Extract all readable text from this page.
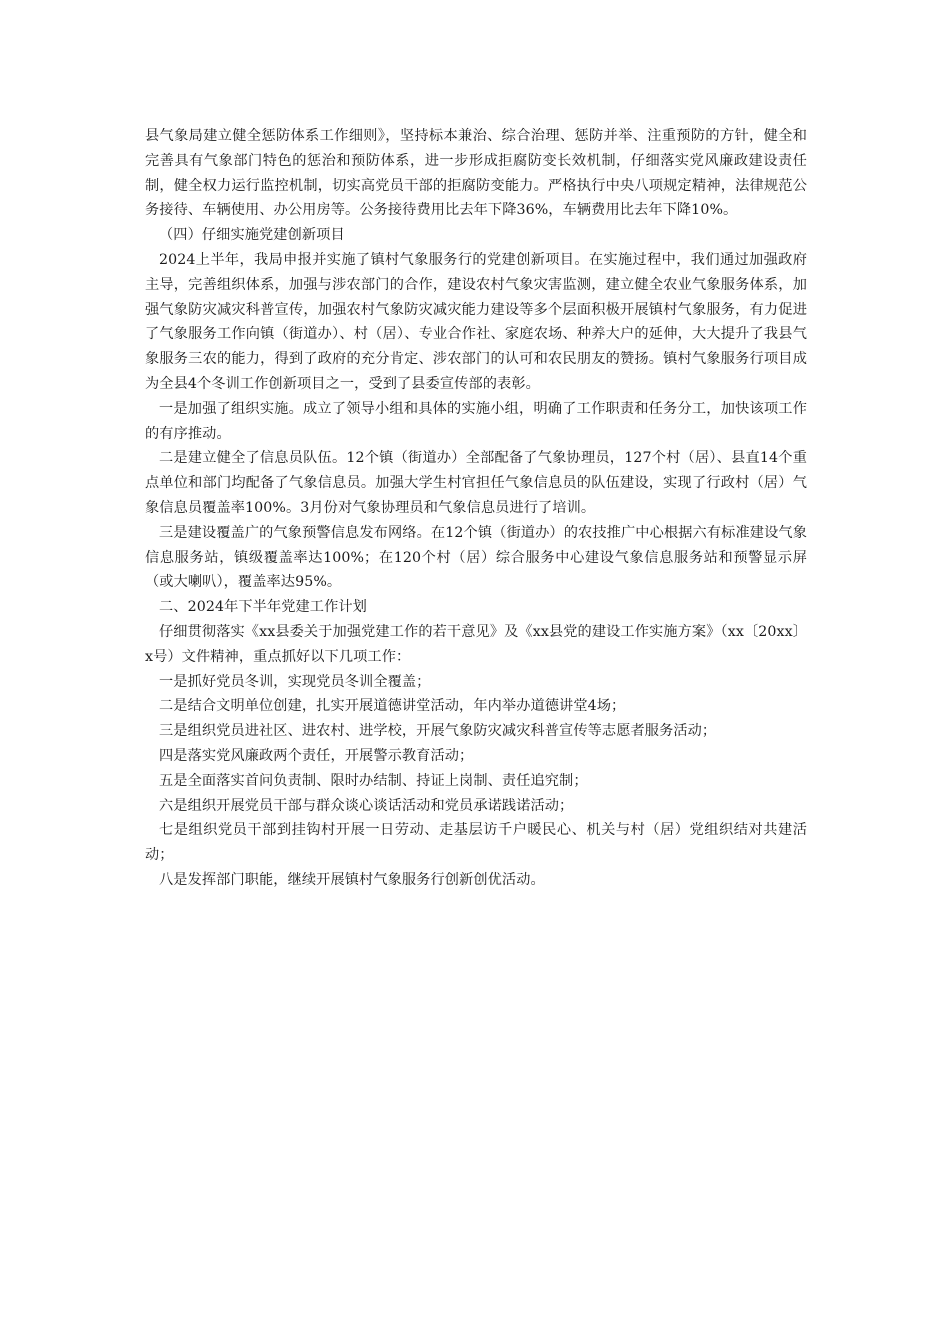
县气象局建立健全惩防体系工作细则》，坚持标本兼治、综合治理、惩防并举、注重预防的方针，健全和完善具有气象部门特色的惩治和预防体系，进一步形成拒腐防变长效机制，仔细落实党风廉政建设责任制，健全权力运行监控机制，切实高党员干部的拒腐防变能力。严格执行中央八项规定精神，法律规范公务接待、车辆使用、办公用房等。公务接待费用比去年下降36%，车辆费用比去年下降10%。

（四）仔细实施党建创新项目

2024上半年，我局申报并实施了镇村气象服务行的党建创新项目。在实施过程中，我们通过加强政府主导，完善组织体系，加强与涉农部门的合作，建设农村气象灾害监测，建立健全农业气象服务体系，加强气象防灾减灾科普宣传，加强农村气象防灾减灾能力建设等多个层面积极开展镇村气象服务，有力促进了气象服务工作向镇（街道办）、村（居）、专业合作社、家庭农场、种养大户的延伸，大大提升了我县气象服务三农的能力，得到了政府的充分肯定、涉农部门的认可和农民朋友的赞扬。镇村气象服务行项目成为全县4个冬训工作创新项目之一，受到了县委宣传部的表彰。

一是加强了组织实施。成立了领导小组和具体的实施小组，明确了工作职责和任务分工，加快该项工作的有序推动。

二是建立健全了信息员队伍。12个镇（街道办）全部配备了气象协理员，127个村（居）、县直14个重点单位和部门均配备了气象信息员。加强大学生村官担任气象信息员的队伍建设，实现了行政村（居）气象信息员覆盖率100%。3月份对气象协理员和气象信息员进行了培训。

三是建设覆盖广的气象预警信息发布网络。在12个镇（街道办）的农技推广中心根据六有标准建设气象信息服务站，镇级覆盖率达100%；在120个村（居）综合服务中心建设气象信息服务站和预警显示屏（或大喇叭），覆盖率达95%。

二、2024年下半年党建工作计划

仔细贯彻落实《xx县委关于加强党建工作的若干意见》及《xx县党的建设工作实施方案》（xx〔20xx〕x号）文件精神，重点抓好以下几项工作：

一是抓好党员冬训，实现党员冬训全覆盖；

二是结合文明单位创建，扎实开展道德讲堂活动，年内举办道德讲堂4场；

三是组织党员进社区、进农村、进学校，开展气象防灾减灾科普宣传等志愿者服务活动；

四是落实党风廉政两个责任，开展警示教育活动；

五是全面落实首问负责制、限时办结制、持证上岗制、责任追究制；

六是组织开展党员干部与群众谈心谈话活动和党员承诺践诺活动；

七是组织党员干部到挂钩村开展一日劳动、走基层访千户暖民心、机关与村（居）党组织结对共建活动；

八是发挥部门职能，继续开展镇村气象服务行创新创优活动。
